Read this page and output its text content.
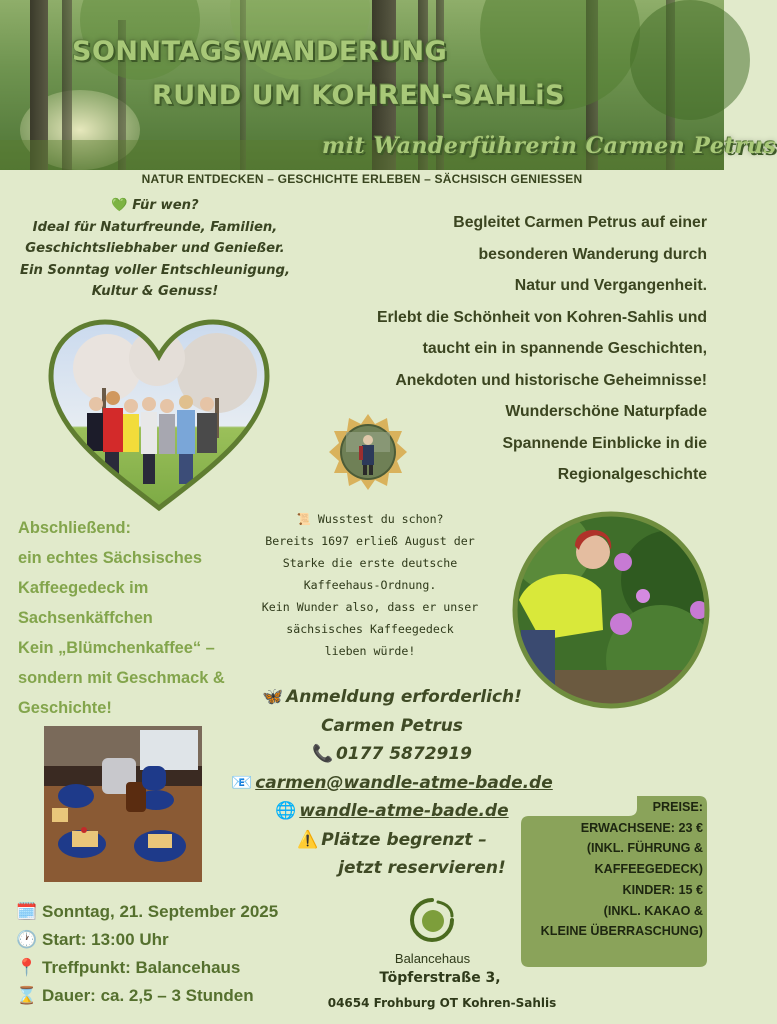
SONNTAGSWANDERUNG
RUND UM KOHREN-SAHLiS
mit Wanderführerin Carmen Petrus
NATUR ENTDECKEN – GESCHICHTE ERLEBEN – SÄCHSISCH GENIESSEN
💚 Für wen?
Ideal für Naturfreunde, Familien,
Geschichtsliebhaber und Genießer.
Ein Sonntag voller Entschleunigung,
Kultur & Genuss!
Begleitet Carmen Petrus auf einer
besonderen Wanderung durch
Natur und Vergangenheit.
Erlebt die Schönheit von Kohren-Sahlis und
taucht ein in spannende Geschichten,
Anekdoten und historische Geheimnisse!
Wunderschöne Naturpfade
Spannende Einblicke in die
Regionalgeschichte
Abschließend:
ein echtes Sächsisches
Kaffeegedeck im
Sachsenkäffchen
Kein „Blümchenkaffee“ –
sondern mit Geschmack &
Geschichte!
📜 Wusstest du schon?
Bereits 1697 erließ August der
Starke die erste deutsche
Kaffeehaus-Ordnung.
Kein Wunder also, dass er unser
sächsisches Kaffeegedeck
lieben würde!
🦋 Anmeldung erforderlich!
Carmen Petrus
📞 0177 5872919
📧 carmen@wandle-atme-bade.de
🌐 wandle-atme-bade.de
⚠️ Plätze begrenzt –
jetzt reservieren!
🗓️ Sonntag, 21. September 2025
🕐 Start: 13:00 Uhr
📍 Treffpunkt: Balancehaus
⌛ Dauer: ca. 2,5 – 3 Stunden
Balancehaus
Töpferstraße 3,
04654 Frohburg OT Kohren-Sahlis
PREISE:
ERWACHSENE: 23 €
(INKL. FÜHRUNG &
KAFFEEGEDECK)
KINDER: 15 €
(INKL. KAKAO &
KLEINE ÜBERRASCHUNG)
